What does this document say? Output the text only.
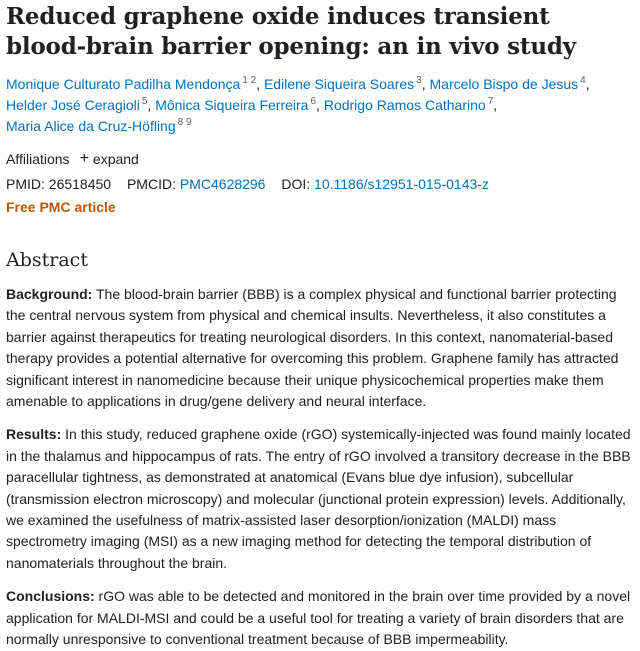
Reduced graphene oxide induces transient blood-brain barrier opening: an in vivo study
Monique Culturato Padilha Mendonça $^{1 2}$, Edilene Siqueira Soares $^3$, Marcelo Bispo de Jesus $^4$,
Helder José Ceragioli $^5$, Mônica Siqueira Ferreira $^6$, Rodrigo Ramos Catharino $^7$,
Maria Alice da Cruz-Höfling $^{8 9}$
Affiliations + expand
PMID: 26518450 PMCID: PMC4628296 DOI: 10.1186/s12951-015-0143-z
Free PMC article
Abstract

Background: The blood-brain barrier (BBB) is a complex physical and functional barrier protecting the central nervous system from physical and chemical insults. Nevertheless, it also constitutes a barrier against therapeutics for treating neurological disorders. In this context, nanomaterial-based therapy provides a potential alternative for overcoming this problem. Graphene family has attracted significant interest in nanomedicine because their unique physicochemical properties make them amenable to applications in drug/gene delivery and neural interface.

Results: In this study, reduced graphene oxide (rGO) systemically-injected was found mainly located in the thalamus and hippocampus of rats. The entry of rGO involved a transitory decrease in the BBB paracellular tightness, as demonstrated at anatomical (Evans blue dye infusion), subcellular (transmission electron microscopy) and molecular (junctional protein expression) levels. Additionally, we examined the usefulness of matrix-assisted laser desorption/ionization (MALDI) mass spectrometry imaging (MSI) as a new imaging method for detecting the temporal distribution of nanomaterials throughout the brain.

Conclusions: rGO was able to be detected and monitored in the brain over time provided by a novel application for MALDI-MSI and could be a useful tool for treating a variety of brain disorders that are normally unresponsive to conventional treatment because of BBB impermeability.
